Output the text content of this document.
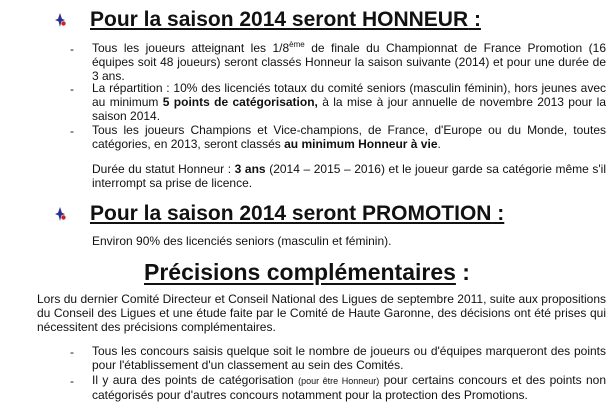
Pour la saison 2014 seront HONNEUR :
- Tous les joueurs atteignant les 1/8ème de finale du Championnat de France Promotion (16 équipes soit 48 joueurs) seront classés Honneur la saison suivante (2014) et pour une durée de 3 ans.
- La répartition : 10% des licenciés totaux du comité seniors (masculin féminin), hors jeunes avec au minimum 5 points de catégorisation, à la mise à jour annuelle de novembre 2013 pour la saison 2014.
- Tous les joueurs Champions et Vice-champions, de France, d'Europe ou du Monde, toutes catégories, en 2013, seront classés au minimum Honneur à vie.
Durée du statut Honneur : 3 ans (2014 – 2015 – 2016) et le joueur garde sa catégorie même s'il interrompt sa prise de licence.
Pour la saison 2014 seront PROMOTION :
Environ 90% des licenciés seniors (masculin et féminin).
Précisions complémentaires :
Lors du dernier Comité Directeur et Conseil National des Ligues de septembre 2011, suite aux propositions du Conseil des Ligues et une étude faite par le Comité de Haute Garonne, des décisions ont été prises qui nécessitent des précisions complémentaires.
- Tous les concours saisis quelque soit le nombre de joueurs ou d'équipes marqueront des points pour l'établissement d'un classement au sein des Comités.
- Il y aura des points de catégorisation (pour être Honneur) pour certains concours et des points non catégorisés pour d'autres concours notamment pour la protection des Promotions.
